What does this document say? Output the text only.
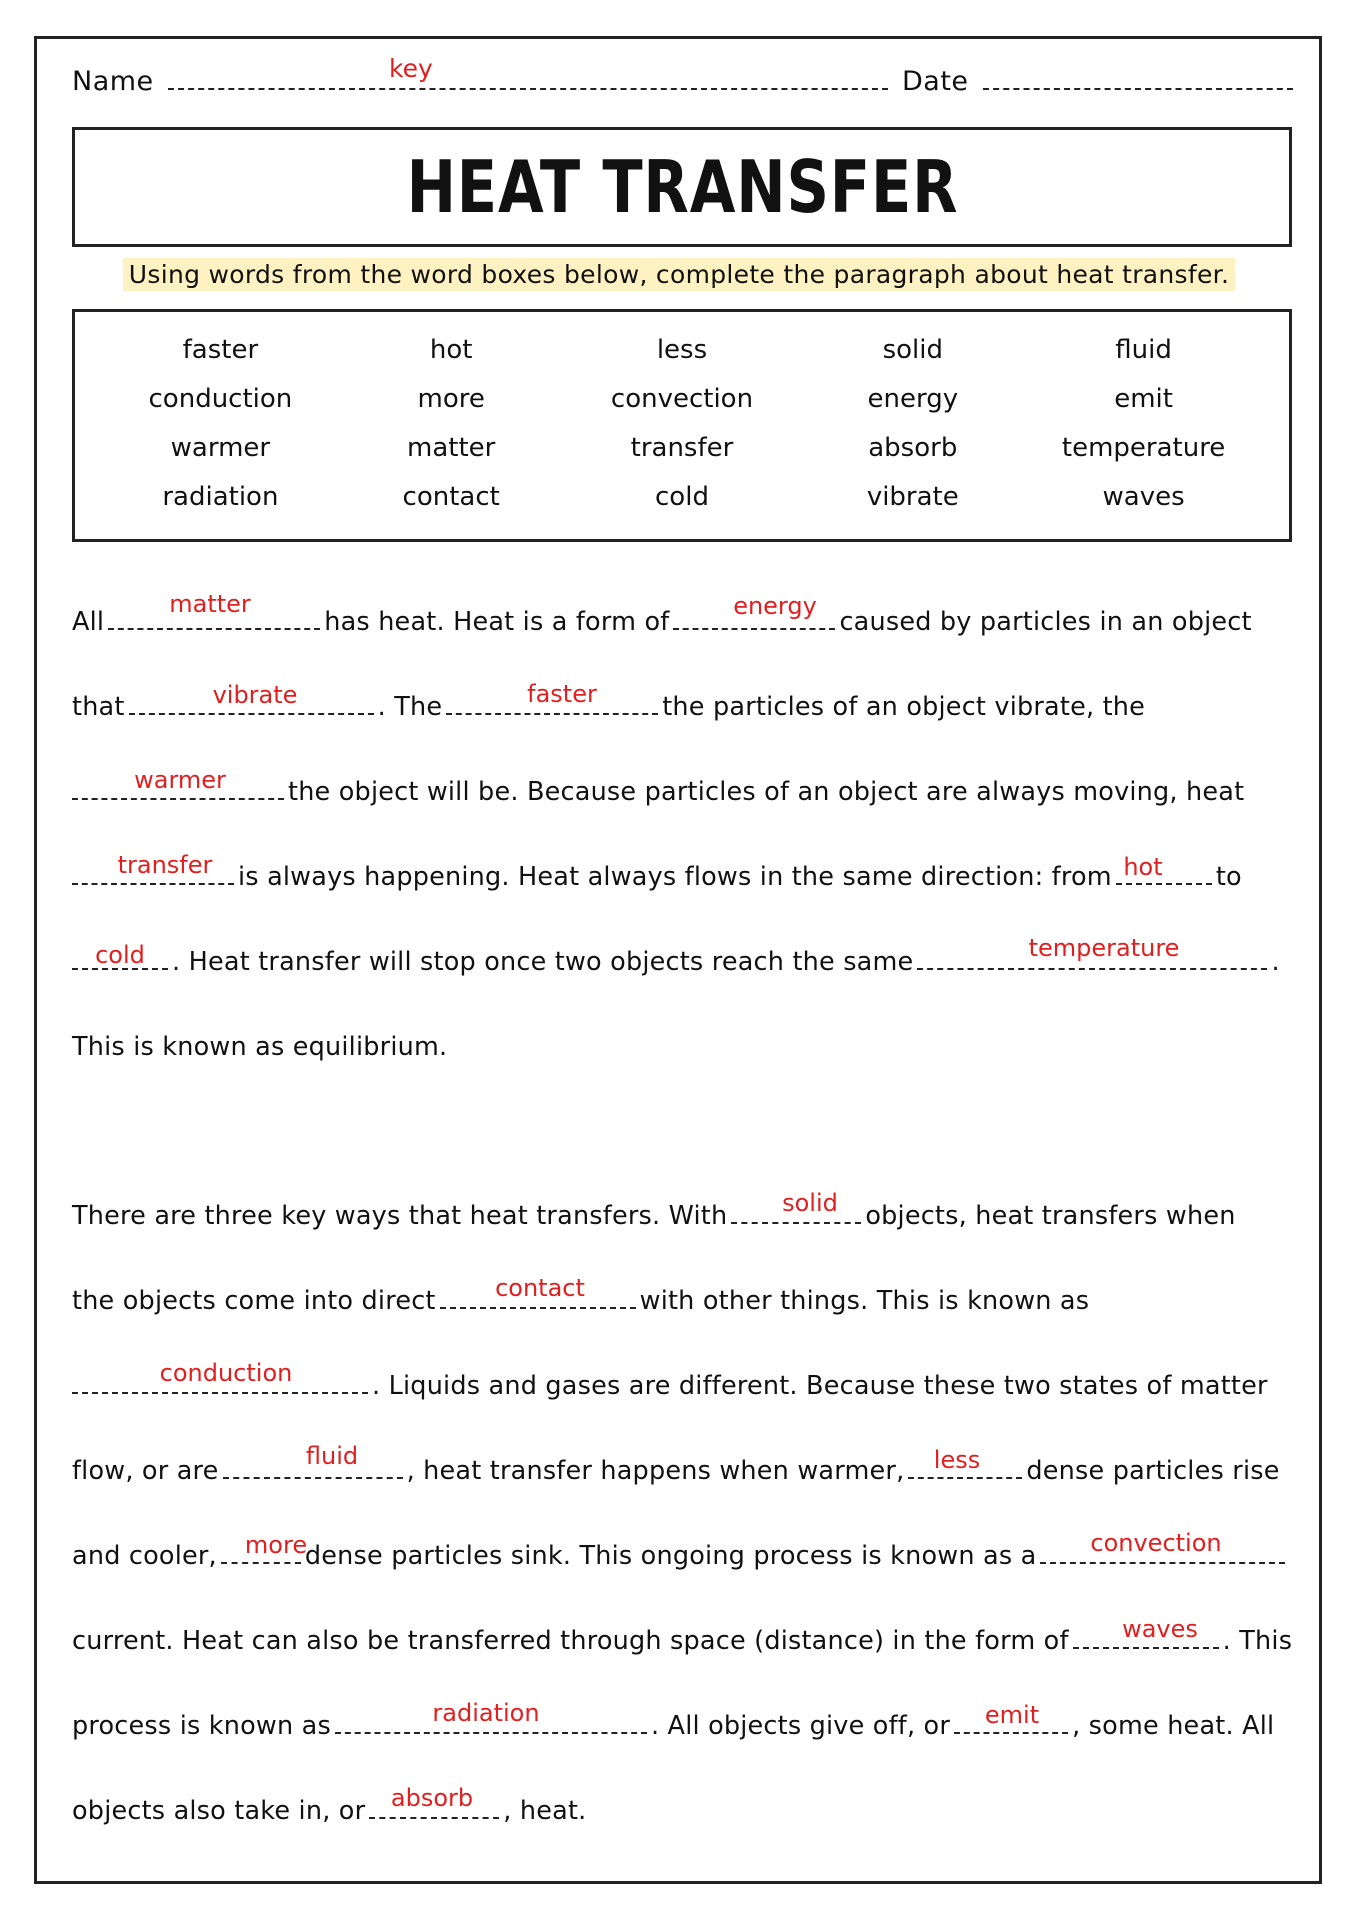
Name	key	Date
HEAT TRANSFER
Using words from the word boxes below, complete the paragraph about heat transfer.
faster	hot	less	solid	fluid
conduction	more	convection	energy	emit
warmer	matter	transfer	absorb	temperature
radiation	contact	cold	vibrate	waves
All	has heat. Heat is a form of	caused by particles in an object
that	. The	the particles of an object vibrate, the
the object will be. Because particles of an object are always moving, heat
is always happening. Heat always flows in the same direction: from	to
. Heat transfer will stop once two objects reach the same	.
This is known as equilibrium.
matter	energy
vibrate	faster
warmer
transfer	hot
cold	temperature
There are three key ways that heat transfers. With	objects, heat transfers when
the objects come into direct	with other things. This is known as
. Liquids and gases are different. Because these two states of matter
flow, or are	, heat transfer happens when warmer,	dense particles rise
and cooler,	dense particles sink. This ongoing process is known as a
current. Heat can also be transferred through space (distance) in the form of	. This
process is known as	. All objects give off, or	, some heat. All
objects also take in, or	, heat.
solid
contact
conduction
fluid	less
more	convection
waves
radiation	emit
absorb
